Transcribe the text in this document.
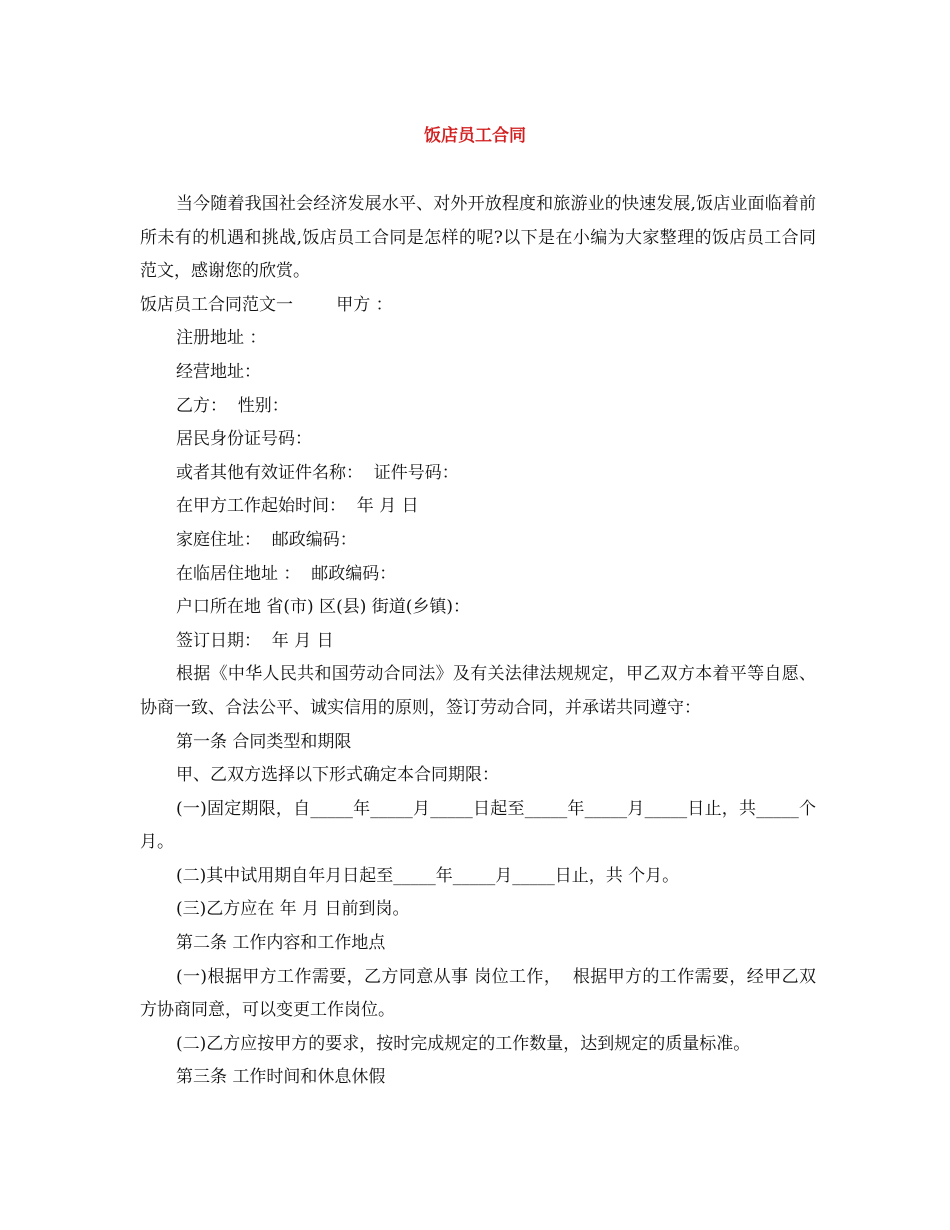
饭店员工合同

当今随着我国社会经济发展水平、对外开放程度和旅游业的快速发展,饭店业面临着前所未有的机遇和挑战,饭店员工合同是怎样的呢?以下是在小编为大家整理的饭店员工合同范文，感谢您的欣赏。

饭店员工合同范文一        甲方 ：

注册地址 ：

经营地址：

乙方：  性别：

居民身份证号码：

或者其他有效证件名称：  证件号码：

在甲方工作起始时间：  年 月 日

家庭住址：  邮政编码：

在临居住地址 ：  邮政编码：

户口所在地 省(市) 区(县) 街道(乡镇)：

签订日期：  年 月 日

根据《中华人民共和国劳动合同法》及有关法律法规规定，甲乙双方本着平等自愿、协商一致、合法公平、诚实信用的原则，签订劳动合同，并承诺共同遵守：

第一条 合同类型和期限

甲、乙双方选择以下形式确定本合同期限：

(一)固定期限，自_____年_____月_____日起至_____年_____月_____日止，共_____个月。

(二)其中试用期自年月日起至_____年_____月_____日止，共 个月。

(三)乙方应在 年 月 日前到岗。

第二条 工作内容和工作地点

(一)根据甲方工作需要，乙方同意从事 岗位工作，  根据甲方的工作需要，经甲乙双方协商同意，可以变更工作岗位。

(二)乙方应按甲方的要求，按时完成规定的工作数量，达到规定的质量标准。

第三条 工作时间和休息休假
